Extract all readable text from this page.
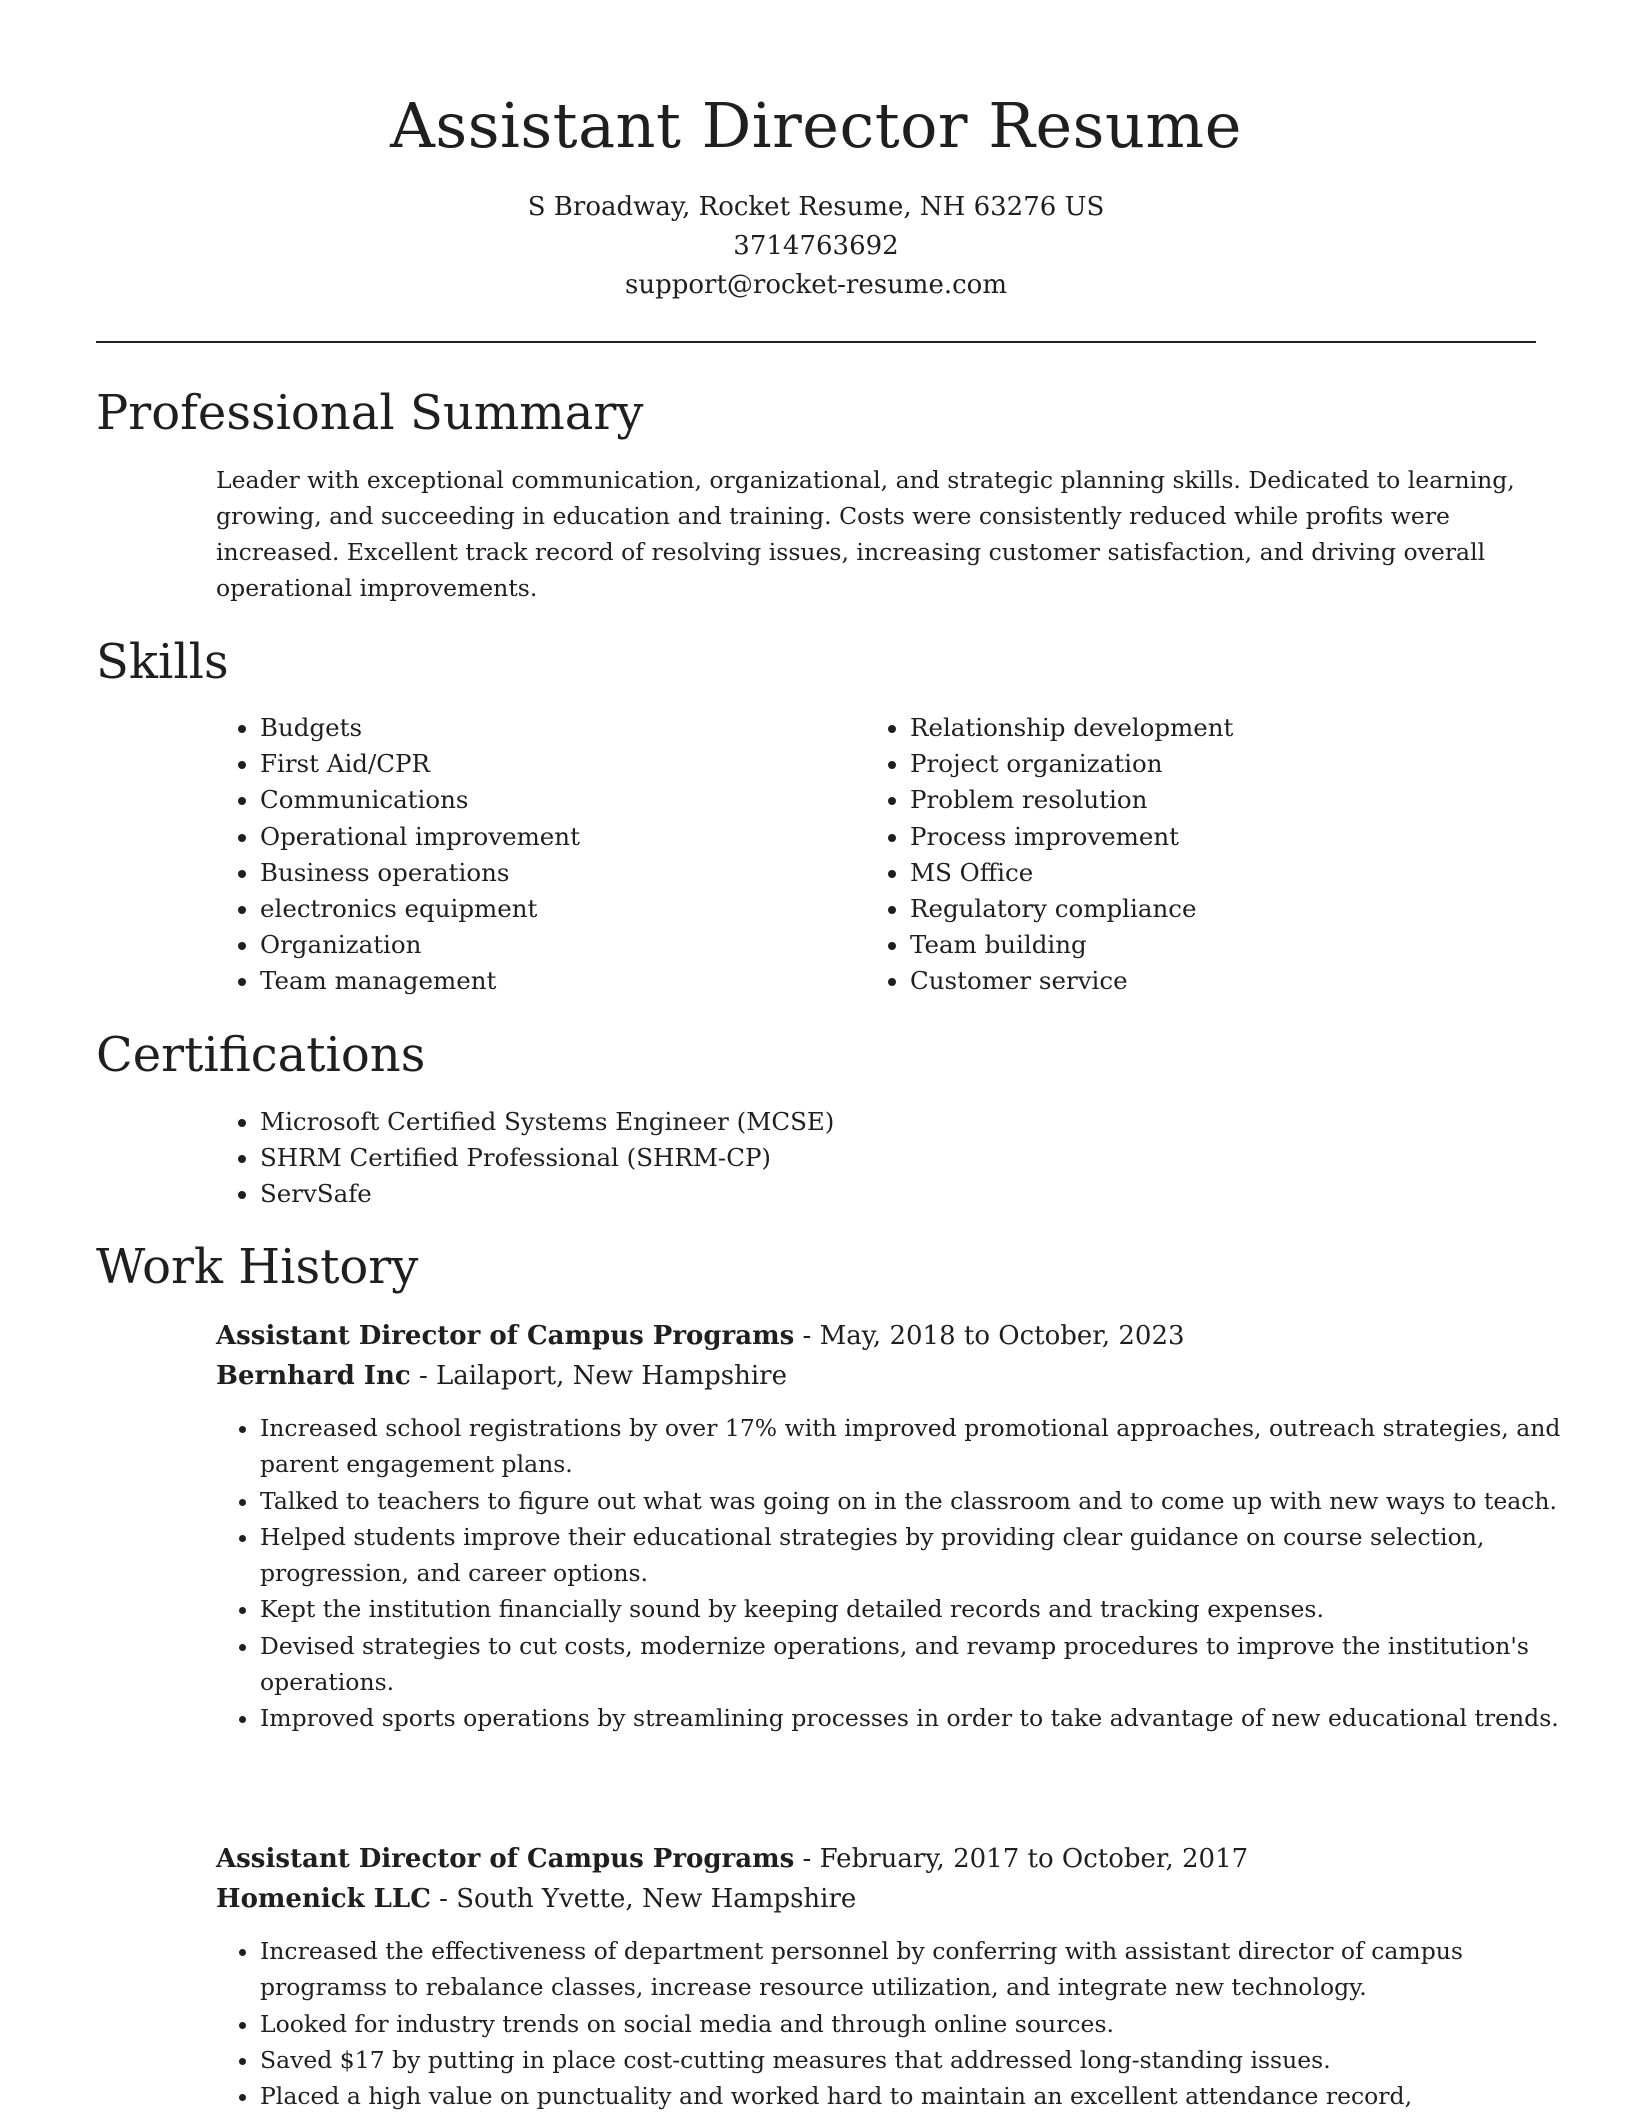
Assistant Director Resume
S Broadway, Rocket Resume, NH 63276 US
3714763692
support@rocket-resume.com
Professional Summary

Leader with exceptional communication, organizational, and strategic planning skills. Dedicated to learning, growing, and succeeding in education and training. Costs were consistently reduced while profits were increased. Excellent track record of resolving issues, increasing customer satisfaction, and driving overall operational improvements.

Skills
• Budgets
• First Aid/CPR
• Communications
• Operational improvement
• Business operations
• electronics equipment
• Organization
• Team management
• Relationship development
• Project organization
• Problem resolution
• Process improvement
• MS Office
• Regulatory compliance
• Team building
• Customer service
Certifications
• Microsoft Certified Systems Engineer (MCSE)
• SHRM Certified Professional (SHRM-CP)
• ServSafe
Work History
Assistant Director of Campus Programs - May, 2018 to October, 2023
Bernhard Inc - Lailaport, New Hampshire
• Increased school registrations by over 17% with improved promotional approaches, outreach strategies, and parent engagement plans.
• Talked to teachers to figure out what was going on in the classroom and to come up with new ways to teach.
• Helped students improve their educational strategies by providing clear guidance on course selection, progression, and career options.
• Kept the institution financially sound by keeping detailed records and tracking expenses.
• Devised strategies to cut costs, modernize operations, and revamp procedures to improve the institution's operations.
• Improved sports operations by streamlining processes in order to take advantage of new educational trends.
Assistant Director of Campus Programs - February, 2017 to October, 2017
Homenick LLC - South Yvette, New Hampshire
• Increased the effectiveness of department personnel by conferring with assistant director of campus programss to rebalance classes, increase resource utilization, and integrate new technology.
• Looked for industry trends on social media and through online sources.
• Saved $17 by putting in place cost-cutting measures that addressed long-standing issues.
• Placed a high value on punctuality and worked hard to maintain an excellent attendance record,
